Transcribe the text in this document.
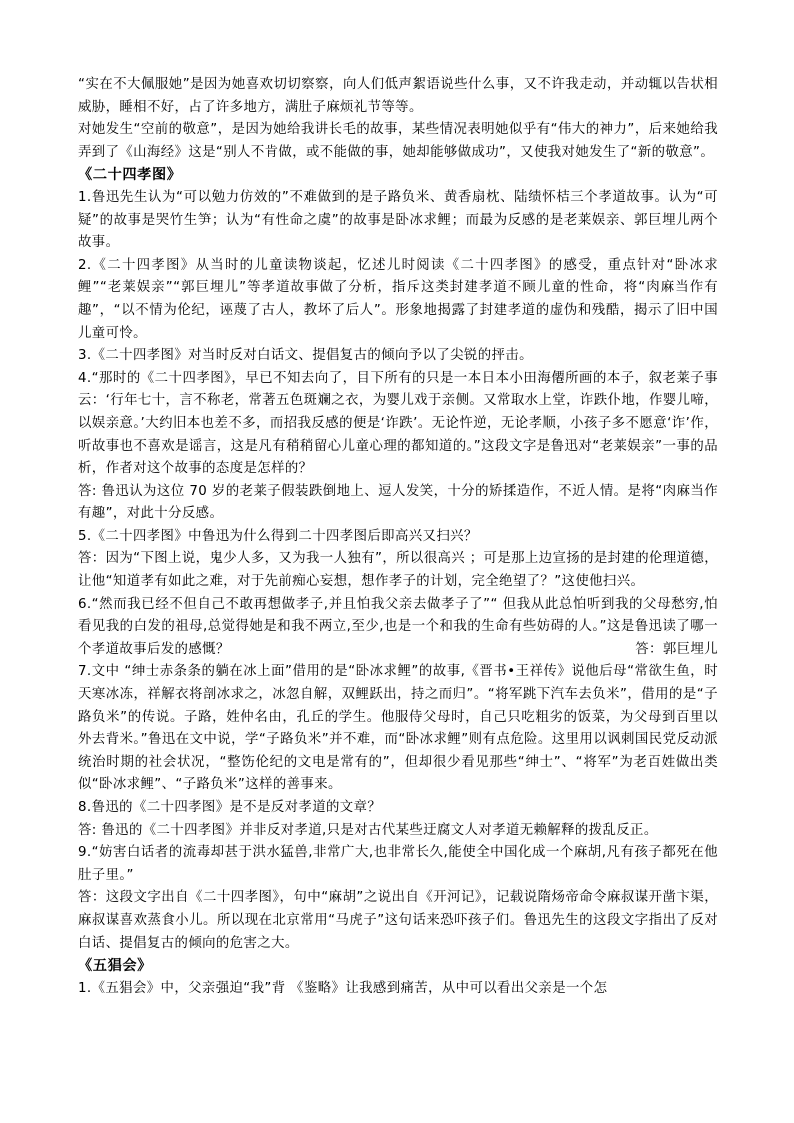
“实在不大佩服她”是因为她喜欢切切察察，向人们低声絮语说些什么事，又不许我走动，并动辄以告状相威胁，睡相不好，占了许多地方，满肚子麻烦礼节等等。

对她发生“空前的敬意”，是因为她给我讲长毛的故事，某些情况表明她似乎有“伟大的神力”，后来她给我弄到了《山海经》这是“别人不肯做，或不能做的事，她却能够做成功”，又使我对她发生了“新的敬意”。

《二十四孝图》

1.鲁迅先生认为“可以勉力仿效的”不难做到的是子路负米、黄香扇枕、陆绩怀桔三个孝道故事。认为“可疑”的故事是哭竹生笋；认为“有性命之虞”的故事是卧冰求鲤；而最为反感的是老莱娱亲、郭巨埋儿两个故事。

2.《二十四孝图》从当时的儿童读物谈起，忆述儿时阅读《二十四孝图》的感受，重点针对“卧冰求鲤”“老莱娱亲”“郭巨埋儿”等孝道故事做了分析，指斥这类封建孝道不顾儿童的性命，将“肉麻当作有趣”，“以不情为伦纪，诬蔑了古人，教坏了后人”。形象地揭露了封建孝道的虚伪和残酷，揭示了旧中国儿童可怜。

3.《二十四孝图》对当时反对白话文、提倡复古的倾向予以了尖锐的抨击。

4.“那时的《二十四孝图》，早已不知去向了，目下所有的只是一本日本小田海僊所画的本子，叙老莱子事云：‘行年七十，言不称老，常著五色斑斓之衣，为婴儿戏于亲侧。又常取水上堂，诈跌仆地，作婴儿啼，以娱亲意。’大约旧本也差不多，而招我反感的便是‘诈跌’。无论忤逆，无论孝顺，小孩子多不愿意‘诈’作，听故事也不喜欢是谣言，这是凡有稍稍留心儿童心理的都知道的。”这段文字是鲁迅对“老莱娱亲”一事的品析，作者对这个故事的态度是怎样的？

答: 鲁迅认为这位 70 岁的老莱子假装跌倒地上、逗人发笑，十分的矫揉造作，不近人情。是将“肉麻当作有趣”，对此十分反感。

5.《二十四孝图》中鲁迅为什么得到二十四孝图后即高兴又扫兴？

答：因为“下图上说，鬼少人多，又为我一人独有”，所以很高兴 ；可是那上边宣扬的是封建的伦理道德，让他“知道孝有如此之难，对于先前痴心妄想，想作孝子的计划，完全绝望了？”这使他扫兴。

6.“然而我已经不但自己不敢再想做孝子,并且怕我父亲去做孝子了”“ 但我从此总怕听到我的父母愁穷,怕看见我的白发的祖母,总觉得她是和我不两立,至少,也是一个和我的生命有些妨碍的人。”这是鲁迅读了哪一个孝道故事后发的感慨？	答：郭巨埋儿

7.文中 “绅士赤条条的躺在冰上面”借用的是“卧冰求鲤”的故事,《晋书•王祥传》说他后母“常欲生鱼，时天寒冰冻，祥解衣将剖冰求之，冰忽自解，双鲤跃出，持之而归”。“将军跳下汽车去负米”，借用的是“子路负米”的传说。子路，姓仲名由，孔丘的学生。他服侍父母时，自己只吃粗劣的饭菜，为父母到百里以外去背米。”鲁迅在文中说，学“子路负米”并不难，而“卧冰求鲤”则有点危险。这里用以讽刺国民党反动派统治时期的社会状况，“整饬伦纪的文电是常有的”，但却很少看见那些“绅士”、“将军”为老百姓做出类似“卧冰求鲤”、“子路负米”这样的善事来。

8.鲁迅的《二十四孝图》是不是反对孝道的文章？

答: 鲁迅的《二十四孝图》并非反对孝道,只是对古代某些迂腐文人对孝道无赖解释的拨乱反正。

9.“妨害白话者的流毒却甚于洪水猛兽,非常广大,也非常长久,能使全中国化成一个麻胡,凡有孩子都死在他肚子里。”

答：这段文字出自《二十四孝图》，句中“麻胡”之说出自《开河记》，记载说隋炀帝命令麻叔谋开凿卞渠，麻叔谋喜欢蒸食小儿。所以现在北京常用“马虎子”这句话来恐吓孩子们。鲁迅先生的这段文字指出了反对白话、提倡复古的倾向的危害之大。

《五猖会》

1.《五猖会》中，父亲强迫“我”背 《鉴略》让我感到痛苦，从中可以看出父亲是一个怎
